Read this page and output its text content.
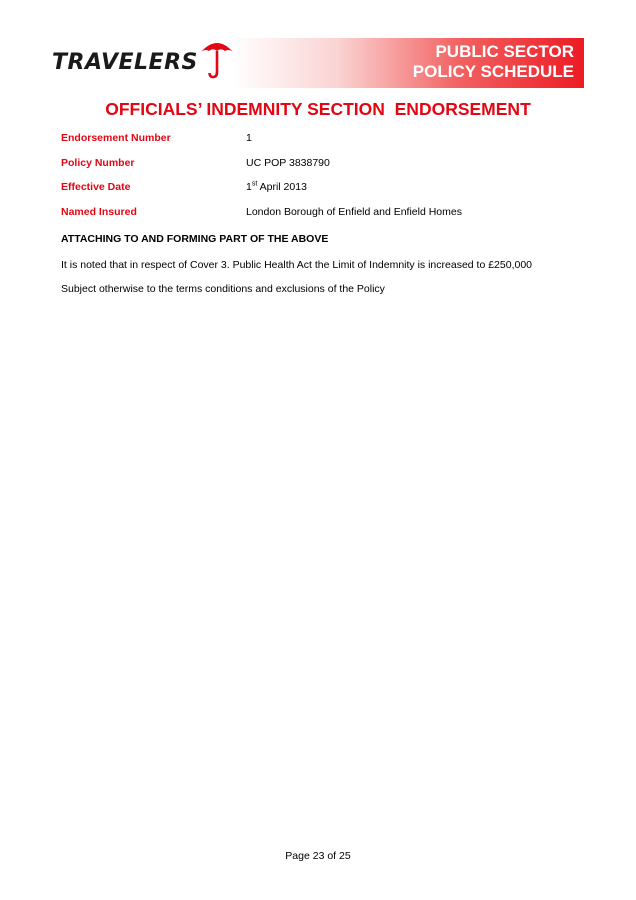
TRAVELERS	PUBLIC SECTOR
POLICY SCHEDULE
OFFICIALS’ INDEMNITY SECTION  ENDORSEMENT
Endorsement Number	1
Policy Number	UC POP 3838790
Effective Date	1st April 2013
Named Insured	London Borough of Enfield and Enfield Homes
ATTACHING TO AND FORMING PART OF THE ABOVE
It is noted that in respect of Cover 3. Public Health Act the Limit of Indemnity is increased to £250,000
Subject otherwise to the terms conditions and exclusions of the Policy
Page 23 of 25
